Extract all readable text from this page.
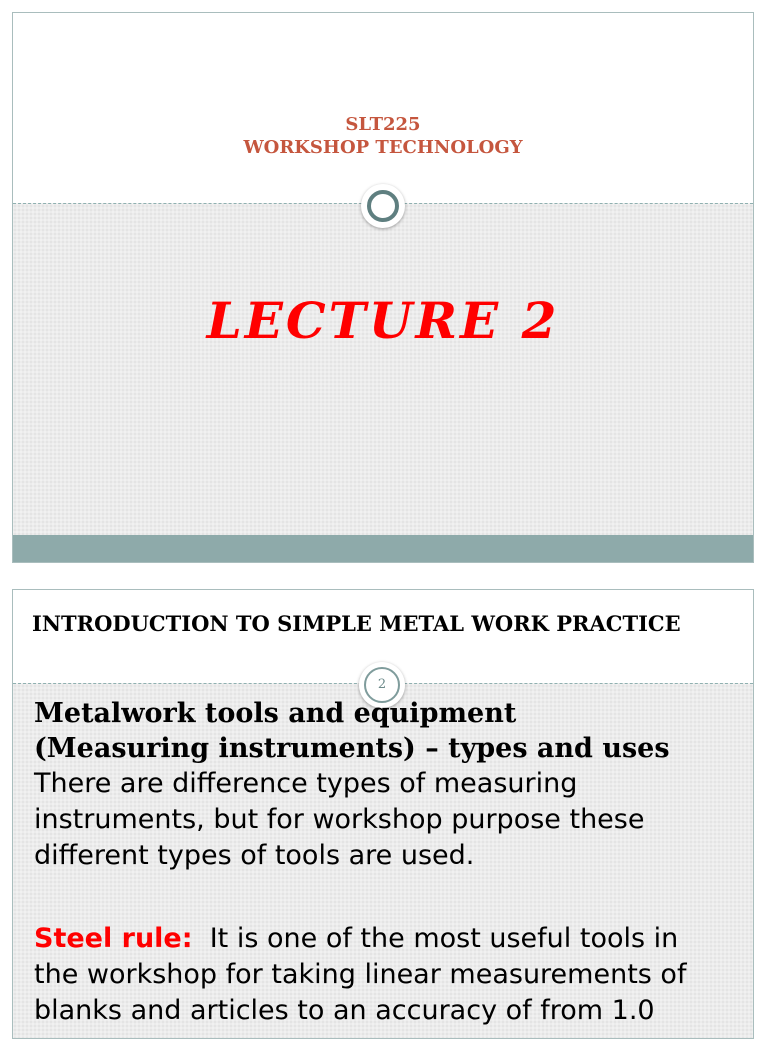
SLT225
WORKSHOP TECHNOLOGY
LECTURE 2
INTRODUCTION TO SIMPLE METAL WORK PRACTICE
2
Metalwork tools and equipment
(Measuring instruments) – types and uses
There are difference types of measuring
instruments, but for workshop purpose these
different types of tools are used.
Steel rule:  It is one of the most useful tools in
the workshop for taking linear measurements of
blanks and articles to an accuracy of from 1.0
